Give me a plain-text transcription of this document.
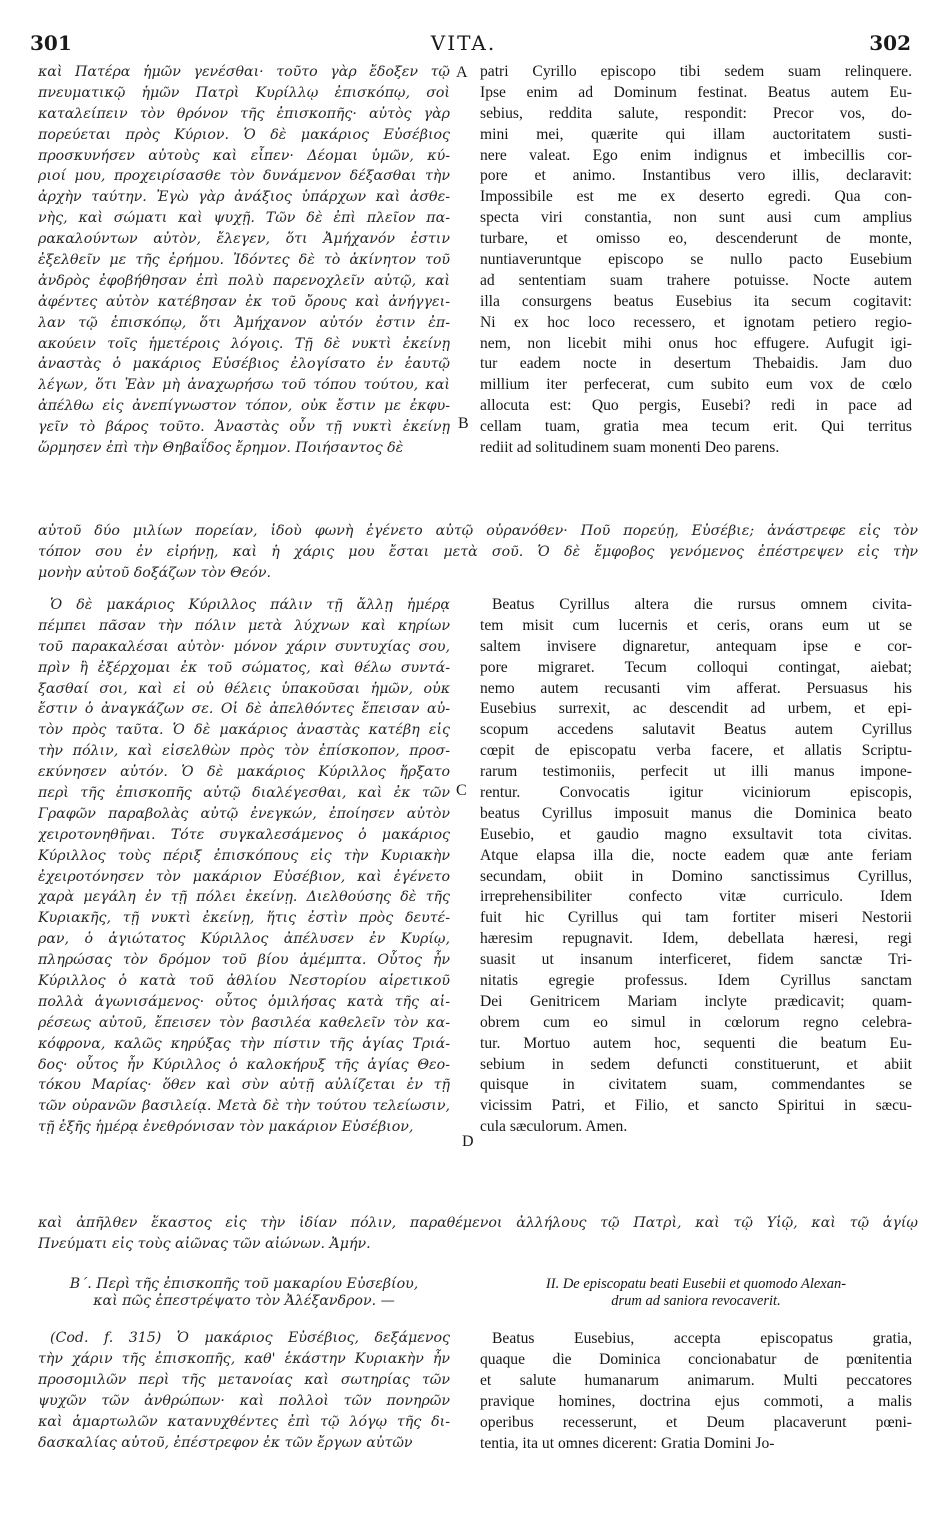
301	VITA.	302
καὶ Πατέρα ἡμῶν γενέσθαι· τοῦτο γὰρ ἔδοξεν τῷ
πνευματικῷ ἡμῶν Πατρὶ Κυρίλλῳ ἐπισκόπῳ, σοὶ
καταλείπειν τὸν θρόνον τῆς ἐπισκοπῆς· αὐτὸς γὰρ
πορεύεται πρὸς Κύριον. Ὁ δὲ μακάριος Εὐσέβιος
προσκυνήσεν αὐτοὺς καὶ εἶπεν· Δέομαι ὑμῶν, κύ-
ριοί μου, προχειρίσασθε τὸν δυνάμενον δέξασθαι τὴν
ἀρχὴν ταύτην. Ἐγὼ γὰρ ἀνάξιος ὑπάρχων καὶ ἀσθε-
νὴς, καὶ σώματι καὶ ψυχῇ. Τῶν δὲ ἐπὶ πλεῖον πα-
ρακαλούντων αὐτὸν, ἔλεγεν, ὅτι Ἀμήχανόν ἐστιν
ἐξελθεῖν με τῆς ἐρήμου. Ἰδόντες δὲ τὸ ἀκίνητον τοῦ
ἀνδρὸς ἐφοβήθησαν ἐπὶ πολὺ παρενοχλεῖν αὐτῷ, καὶ
ἀφέντες αὐτὸν κατέβησαν ἐκ τοῦ ὄρους καὶ ἀνήγγει-
λαν τῷ ἐπισκόπῳ, ὅτι Ἀμήχανον αὐτόν ἐστιν ἐπ-
ακούειν τοῖς ἡμετέροις λόγοις. Τῇ δὲ νυκτὶ ἐκείνῃ
ἀναστὰς ὁ μακάριος Εὐσέβιος ἐλογίσατο ἐν ἑαυτῷ
λέγων, ὅτι Ἐὰν μὴ ἀναχωρήσω τοῦ τόπου τούτου, καὶ
ἀπέλθω εἰς ἀνεπίγνωστον τόπον, οὐκ ἔστιν με ἐκφυ-
γεῖν τὸ βάρος τοῦτο. Ἀναστὰς οὖν τῇ νυκτὶ ἐκείνῃ
ὥρμησεν ἐπὶ τὴν Θηβαΐδος ἔρημον. Ποιήσαντος δὲ
patri Cyrillo episcopo tibi sedem suam relinquere.
Ipse enim ad Dominum festinat. Beatus autem Eu-
sebius, reddita salute, respondit: Precor vos, do-
mini mei, quærite qui illam auctoritatem susti-
nere valeat. Ego enim indignus et imbecillis cor-
pore et animo. Instantibus vero illis, declaravit:
Impossibile est me ex deserto egredi. Qua con-
specta viri constantia, non sunt ausi cum amplius
turbare, et omisso eo, descenderunt de monte,
nuntiaveruntque episcopo se nullo pacto Eusebium
ad sententiam suam trahere potuisse. Nocte autem
illa consurgens beatus Eusebius ita secum cogitavit:
Ni ex hoc loco recessero, et ignotam petiero regio-
nem, non licebit mihi onus hoc effugere. Aufugit igi-
tur eadem nocte in desertum Thebaidis. Jam duo
millium iter perfecerat, cum subito eum vox de cœlo
allocuta est: Quo pergis, Eusebi? redi in pace ad
cellam tuam, gratia mea tecum erit. Qui territus
rediit ad solitudinem suam monenti Deo parens.
A
B
αὐτοῦ δύο μιλίων πορείαν, ἰδοὺ φωνὴ ἐγένετο αὐτῷ οὐρανόθεν· Ποῦ πορεύῃ, Εὐσέβιε; ἀνάστρεφε εἰς τὸν
τόπον σου ἐν εἰρήνῃ, καὶ ἡ χάρις μου ἔσται μετὰ σοῦ. Ὁ δὲ ἔμφοβος γενόμενος ἐπέστρεψεν εἰς τὴν
μονὴν αὐτοῦ δοξάζων τὸν Θεόν.
Ὁ δὲ μακάριος Κύριλλος πάλιν τῇ ἄλλῃ ἡμέρᾳ
πέμπει πᾶσαν τὴν πόλιν μετὰ λύχνων καὶ κηρίων
τοῦ παρακαλέσαι αὐτὸν· μόνον χάριν συντυχίας σου,
πρὶν ἢ ἐξέρχομαι ἐκ τοῦ σώματος, καὶ θέλω συντά-
ξασθαί σοι, καὶ εἰ οὐ θέλεις ὑπακοῦσαι ἡμῶν, οὐκ
ἔστιν ὁ ἀναγκάζων σε. Οἱ δὲ ἀπελθόντες ἔπεισαν αὐ-
τὸν πρὸς ταῦτα. Ὁ δὲ μακάριος ἀναστὰς κατέβη εἰς
τὴν πόλιν, καὶ εἰσελθὼν πρὸς τὸν ἐπίσκοπον, προσ-
εκύνησεν αὐτόν. Ὁ δὲ μακάριος Κύριλλος ἤρξατο
περὶ τῆς ἐπισκοπῆς αὐτῷ διαλέγεσθαι, καὶ ἐκ τῶν
Γραφῶν παραβολὰς αὐτῷ ἐνεγκών, ἐποίησεν αὐτὸν
χειροτονηθῆναι. Τότε συγκαλεσάμενος ὁ μακάριος
Κύριλλος τοὺς πέριξ ἐπισκόπους εἰς τὴν Κυριακὴν
ἐχειροτόνησεν τὸν μακάριον Εὐσέβιον, καὶ ἐγένετο
χαρὰ μεγάλη ἐν τῇ πόλει ἐκείνῃ. Διελθούσης δὲ τῆς
Κυριακῆς, τῇ νυκτὶ ἐκείνῃ, ἥτις ἐστὶν πρὸς δευτέ-
ραν, ὁ ἁγιώτατος Κύριλλος ἀπέλυσεν ἐν Κυρίῳ,
πληρώσας τὸν δρόμον τοῦ βίου ἀμέμπτα. Οὗτος ἦν
Κύριλλος ὁ κατὰ τοῦ ἀθλίου Νεστορίου αἱρετικοῦ
πολλὰ ἀγωνισάμενος· οὗτος ὁμιλήσας κατὰ τῆς αἱ-
ρέσεως αὐτοῦ, ἔπεισεν τὸν βασιλέα καθελεῖν τὸν κα-
κόφρονα, καλῶς κηρύξας τὴν πίστιν τῆς ἁγίας Τριά-
δος· οὗτος ἦν Κύριλλος ὁ καλοκήρυξ τῆς ἁγίας Θεο-
τόκου Μαρίας· ὅθεν καὶ σὺν αὐτῇ αὐλίζεται ἐν τῇ
τῶν οὐρανῶν βασιλείᾳ. Μετὰ δὲ τὴν τούτου τελείωσιν,
τῇ ἑξῆς ἡμέρᾳ ἐνεθρόνισαν τὸν μακάριον Εὐσέβιον,
Beatus Cyrillus altera die rursus omnem civita-
tem misit cum lucernis et ceris, orans eum ut se
saltem invisere dignaretur, antequam ipse e cor-
pore migraret. Tecum colloqui contingat, aiebat;
nemo autem recusanti vim afferat. Persuasus his
Eusebius surrexit, ac descendit ad urbem, et epi-
scopum accedens salutavit Beatus autem Cyrillus
cœpit de episcopatu verba facere, et allatis Scriptu-
rarum testimoniis, perfecit ut illi manus imponе-
rentur. Convocatis igitur viciniorum episcopis,
beatus Cyrillus imposuit manus die Dominica beato
Eusebio, et gaudio magno exsultavit tota civitas.
Atque elapsa illa die, nocte eadem quæ ante feriam
secundam, obiit in Domino sanctissimus Cyrillus,
irreprehensibiliter confecto vitæ curriculo. Idem
fuit hic Cyrillus qui tam fortiter miseri Nestorii
hæresim repugnavit. Idem, debellata hæresi, regi
suasit ut insanum interficeret, fidem sanctæ Tri-
nitatis egregie professus. Idem Cyrillus sanctam
Dei Genitricem Mariam inclyte prædicavit; quam-
obrem cum eo simul in cœlorum regno celebra-
tur. Mortuo autem hoc, sequenti die beatum Eu-
sebium in sedem defuncti constituerunt, et abiit
quisque in civitatem suam, commendantes se
vicissim Patri, et Filio, et sancto Spiritui in sæcu-
cula sæculorum. Amen.
C
D
καὶ ἀπῆλθεν ἕκαστος εἰς τὴν ἰδίαν πόλιν, παραθέμενοι ἀλλήλους τῷ Πατρὶ, καὶ τῷ Υἱῷ, καὶ τῷ ἁγίῳ
Πνεύματι εἰς τοὺς αἰῶνας τῶν αἰώνων. Ἀμήν.
Β΄. Περὶ τῆς ἐπισκοπῆς τοῦ μακαρίου Εὐσεβίου,
καὶ πῶς ἐπεστρέψατο τὸν Ἀλέξανδρον. —
II. De episcopatu beati Eusebii et quomodo Alexan-
drum ad saniora revocaverit.
(Cod. f. 315) Ὁ μακάριος Εὐσέβιος, δεξάμενος
τὴν χάριν τῆς ἐπισκοπῆς, καθ' ἑκάστην Κυριακὴν ἦν
προσομιλῶν περὶ τῆς μετανοίας καὶ σωτηρίας τῶν
ψυχῶν τῶν ἀνθρώπων· καὶ πολλοὶ τῶν πονηρῶν
καὶ ἁμαρτωλῶν κατανυχθέντες ἐπὶ τῷ λόγῳ τῆς δι-
δασκαλίας αὐτοῦ, ἐπέστρεφον ἐκ τῶν ἔργων αὐτῶν
Beatus Eusebius, accepta episcopatus gratia,
quaque die Dominica concionabatur de pœnitentia
et salute humanarum animarum. Multi peccatores
pravique homines, doctrina ejus commoti, a malis
operibus recesserunt, et Deum placaverunt pœni-
tentia, ita ut omnes dicerent: Gratia Domini Jo-
